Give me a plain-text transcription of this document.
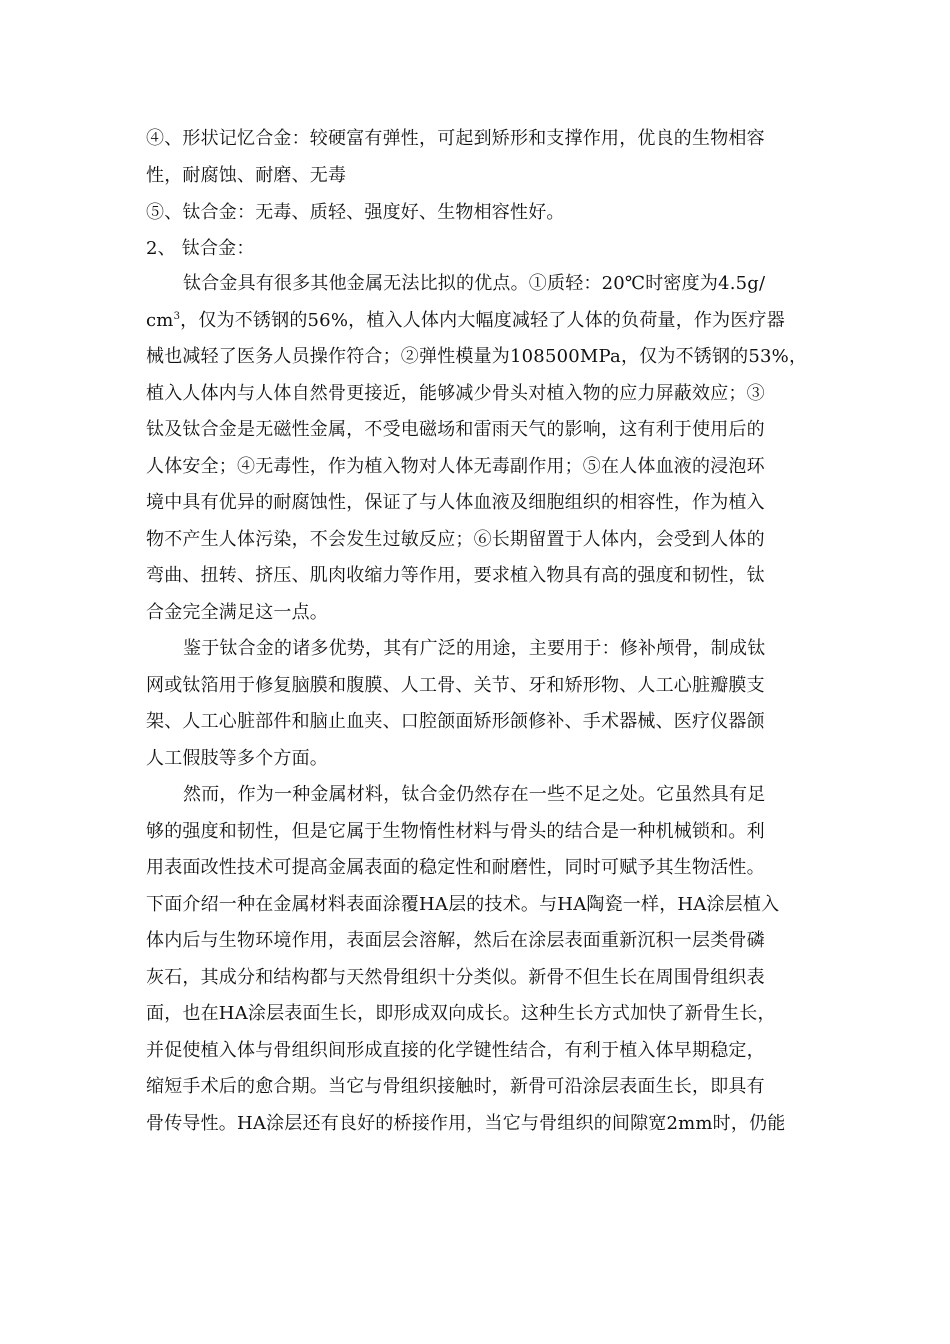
④、形状记忆合金：较硬富有弹性，可起到矫形和支撑作用，优良的生物相容
性，耐腐蚀、耐磨、无毒
⑤、钛合金：无毒、质轻、强度好、生物相容性好。
2、 钛合金：
钛合金具有很多其他金属无法比拟的优点。①质轻：20℃时密度为4.5g/
$cm^3$，仅为不锈钢的56%，植入人体内大幅度减轻了人体的负荷量，作为医疗器
械也减轻了医务人员操作符合；②弹性模量为108500MPa，仅为不锈钢的53%，
植入人体内与人体自然骨更接近，能够减少骨头对植入物的应力屏蔽效应；③
钛及钛合金是无磁性金属，不受电磁场和雷雨天气的影响，这有利于使用后的
人体安全；④无毒性，作为植入物对人体无毒副作用；⑤在人体血液的浸泡环
境中具有优异的耐腐蚀性，保证了与人体血液及细胞组织的相容性，作为植入
物不产生人体污染，不会发生过敏反应；⑥长期留置于人体内，会受到人体的
弯曲、扭转、挤压、肌肉收缩力等作用，要求植入物具有高的强度和韧性，钛
合金完全满足这一点。
鉴于钛合金的诸多优势，其有广泛的用途，主要用于：修补颅骨，制成钛
网或钛箔用于修复脑膜和腹膜、人工骨、关节、牙和矫形物、人工心脏瓣膜支
架、人工心脏部件和脑止血夹、口腔颌面矫形颌修补、手术器械、医疗仪器颌
人工假肢等多个方面。
然而，作为一种金属材料，钛合金仍然存在一些不足之处。它虽然具有足
够的强度和韧性，但是它属于生物惰性材料与骨头的结合是一种机械锁和。利
用表面改性技术可提高金属表面的稳定性和耐磨性，同时可赋予其生物活性。
下面介绍一种在金属材料表面涂覆HA层的技术。与HA陶瓷一样，HA涂层植入
体内后与生物环境作用，表面层会溶解，然后在涂层表面重新沉积一层类骨磷
灰石，其成分和结构都与天然骨组织十分类似。新骨不但生长在周围骨组织表
面，也在HA涂层表面生长，即形成双向成长。这种生长方式加快了新骨生长，
并促使植入体与骨组织间形成直接的化学键性结合，有利于植入体早期稳定，
缩短手术后的愈合期。当它与骨组织接触时，新骨可沿涂层表面生长，即具有
骨传导性。HA涂层还有良好的桥接作用，当它与骨组织的间隙宽2mm时，仍能
